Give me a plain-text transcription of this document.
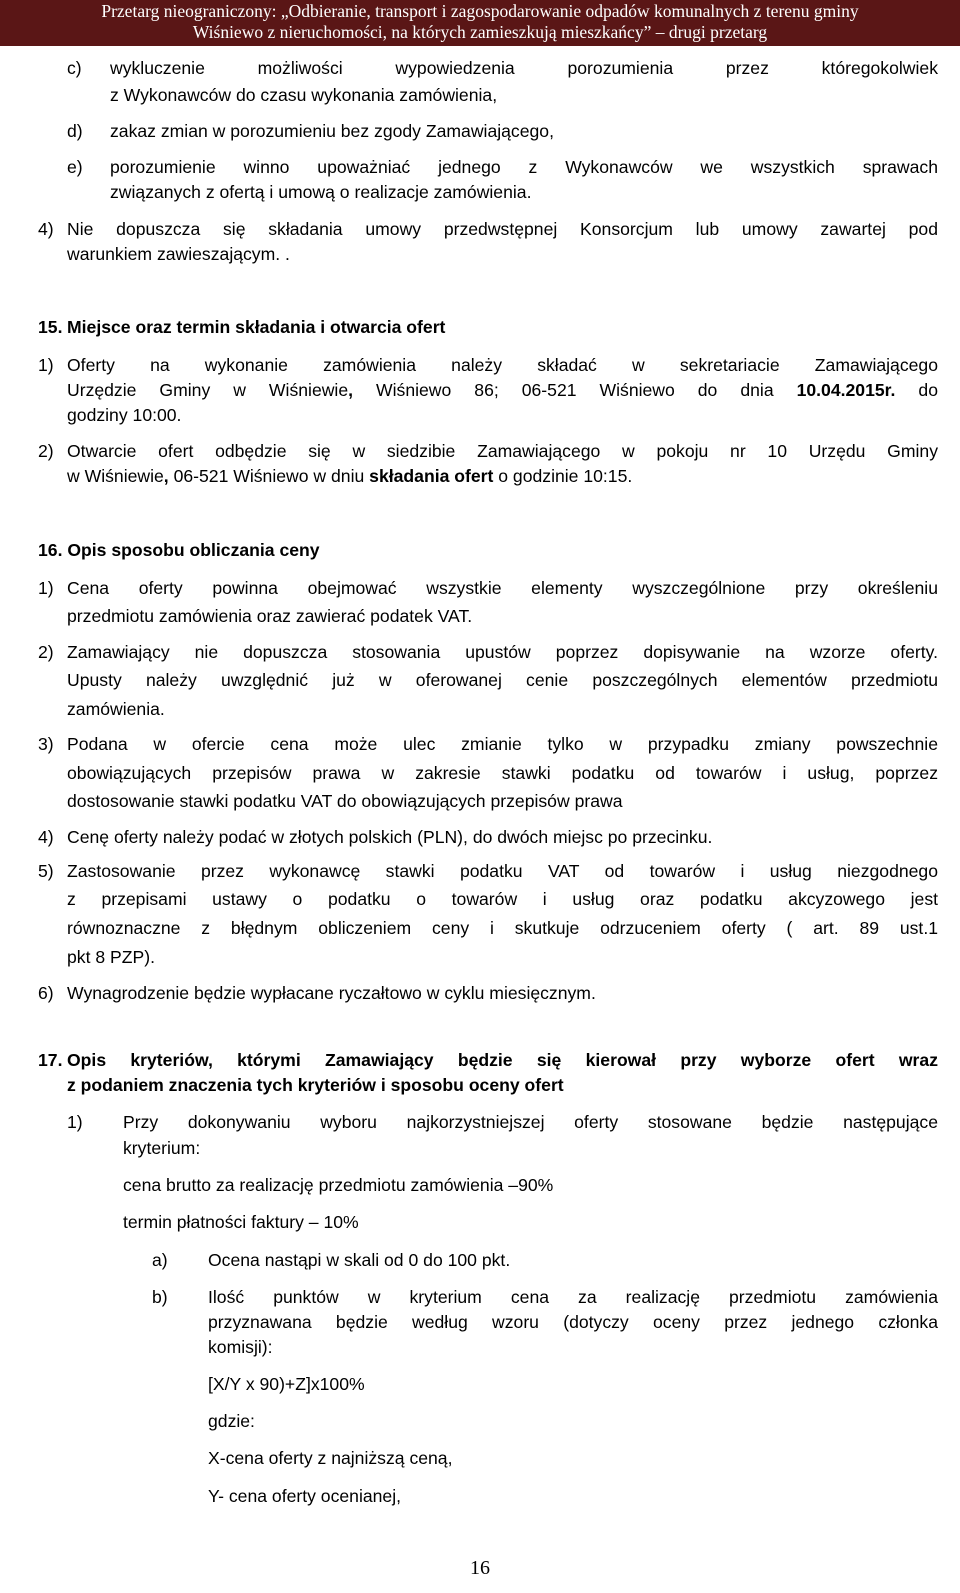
Przetarg nieograniczony: „Odbieranie, transport i zagospodarowanie odpadów komunalnych z terenu gminy
Wiśniewo z nieruchomości, na których zamieszkują mieszkańcy” – drugi przetarg
c) wykluczenie możliwości wypowiedzenia porozumienia przez któregokolwiek
z Wykonawców do czasu wykonania zamówienia,
d) zakaz zmian w porozumieniu bez zgody Zamawiającego,
e) porozumienie winno upoważniać jednego z Wykonawców we wszystkich sprawach
związanych z ofertą i umową o realizacje zamówienia.
4) Nie dopuszcza się składania umowy przedwstępnej Konsorcjum lub umowy zawartej pod
warunkiem zawieszającym. .
15. Miejsce oraz termin składania i otwarcia ofert
1) Oferty na wykonanie zamówienia należy składać w sekretariacie Zamawiającego
Urzędzie Gminy w Wiśniewie, Wiśniewo 86; 06-521 Wiśniewo do dnia 10.04.2015r. do
godziny 10:00.
2) Otwarcie ofert odbędzie się w siedzibie Zamawiającego w pokoju nr 10 Urzędu Gminy
w Wiśniewie, 06-521 Wiśniewo w dniu składania ofert o godzinie 10:15.
16. Opis sposobu obliczania ceny
1) Cena oferty powinna obejmować wszystkie elementy wyszczególnione przy określeniu
przedmiotu zamówienia oraz zawierać podatek VAT.
2) Zamawiający nie dopuszcza stosowania upustów poprzez dopisywanie na wzorze oferty.
Upusty należy uwzględnić już w oferowanej cenie poszczególnych elementów przedmiotu
zamówienia.
3) Podana w ofercie cena może ulec zmianie tylko w przypadku zmiany powszechnie
obowiązujących przepisów prawa w zakresie stawki podatku od towarów i usług, poprzez
dostosowanie stawki podatku VAT do obowiązujących przepisów prawa
4) Cenę oferty należy podać w złotych polskich (PLN), do dwóch miejsc po przecinku.
5) Zastosowanie przez wykonawcę stawki podatku VAT od towarów i usług niezgodnego
z przepisami ustawy o podatku o towarów i usług oraz podatku akcyzowego jest
równoznaczne z błędnym obliczeniem ceny i skutkuje odrzuceniem oferty ( art. 89 ust.1
pkt 8 PZP).
6) Wynagrodzenie będzie wypłacane ryczałtowo w cyklu miesięcznym.
17. Opis kryteriów, którymi Zamawiający będzie się kierował przy wyborze ofert wraz
z podaniem znaczenia tych kryteriów i sposobu oceny ofert
1) Przy dokonywaniu wyboru najkorzystniejszej oferty stosowane będzie następujące
kryterium:
cena brutto za realizację przedmiotu zamówienia –90%
termin płatności faktury – 10%
a) Ocena nastąpi w skali od 0 do 100 pkt.
b) Ilość punktów w kryterium cena za realizację przedmiotu zamówienia
przyznawana będzie według wzoru (dotyczy oceny przez jednego członka
komisji):
[X/Y x 90)+Z]x100%
gdzie:
X-cena oferty z najniższą ceną,
Y- cena oferty ocenianej,
16
